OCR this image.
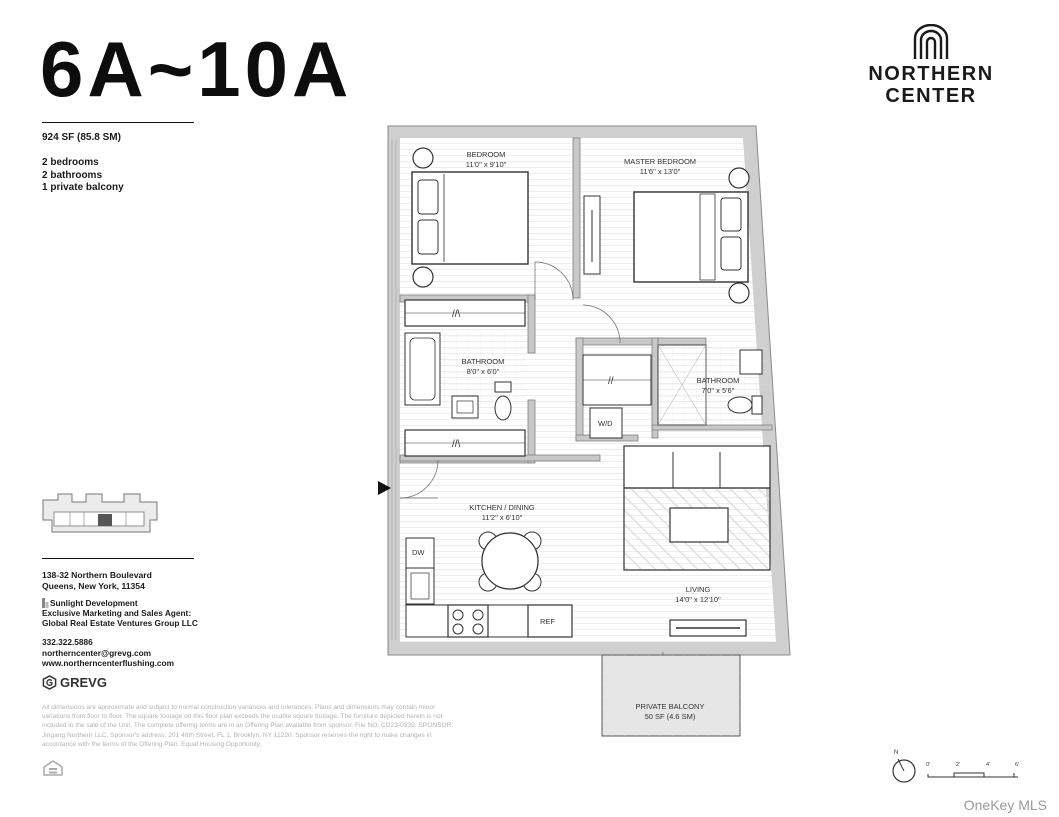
6A~10A
924 SF (85.8 SM)
2 bedrooms
2 bathrooms
1 private balcony
138-32 Northern Boulevard
Queens, New York, 11354
Sunlight Development
Exclusive Marketing and Sales Agent:
Global Real Estate Ventures Group LLC
332.322.5886
northerncenter@grevg.com
www.northerncenterflushing.com
GREVG
All dimensions are approximate and subject to normal construction variances and tolerances. Plans and dimensions may contain minor variations from floor to floor. The square footage on this floor plan exceeds the usable square footage. The furniture depicted herein is not included in the sale of the Unit. The complete offering terms are in an Offering Plan available from sponsor. File NO. CD23-0339. SPONSOR: Jingang Northern LLC. Sponsor's address: 201 46th Street, FL 1, Brooklyn, NY 11220. Sponsor reserves the right to make changes in accordance with the terms of the Offering Plan. Equal Housing Opportunity.
NORTHERN
CENTER
//\
//\
//
BEDROOM
11'0" x 9'10"	MASTER BEDROOM
11'6" x 13'0"
BATHROOM
8'0" x 6'0"
BATHROOM
7'0" x 5'6"
KITCHEN / DINING
11'2" x 6'10"
LIVING
14'0" x 12'10"
PRIVATE BALCONY
50 SF (4.6 SM)
W/D
DW
REF
N
0'	2'	4'	6'
OneKey MLS
